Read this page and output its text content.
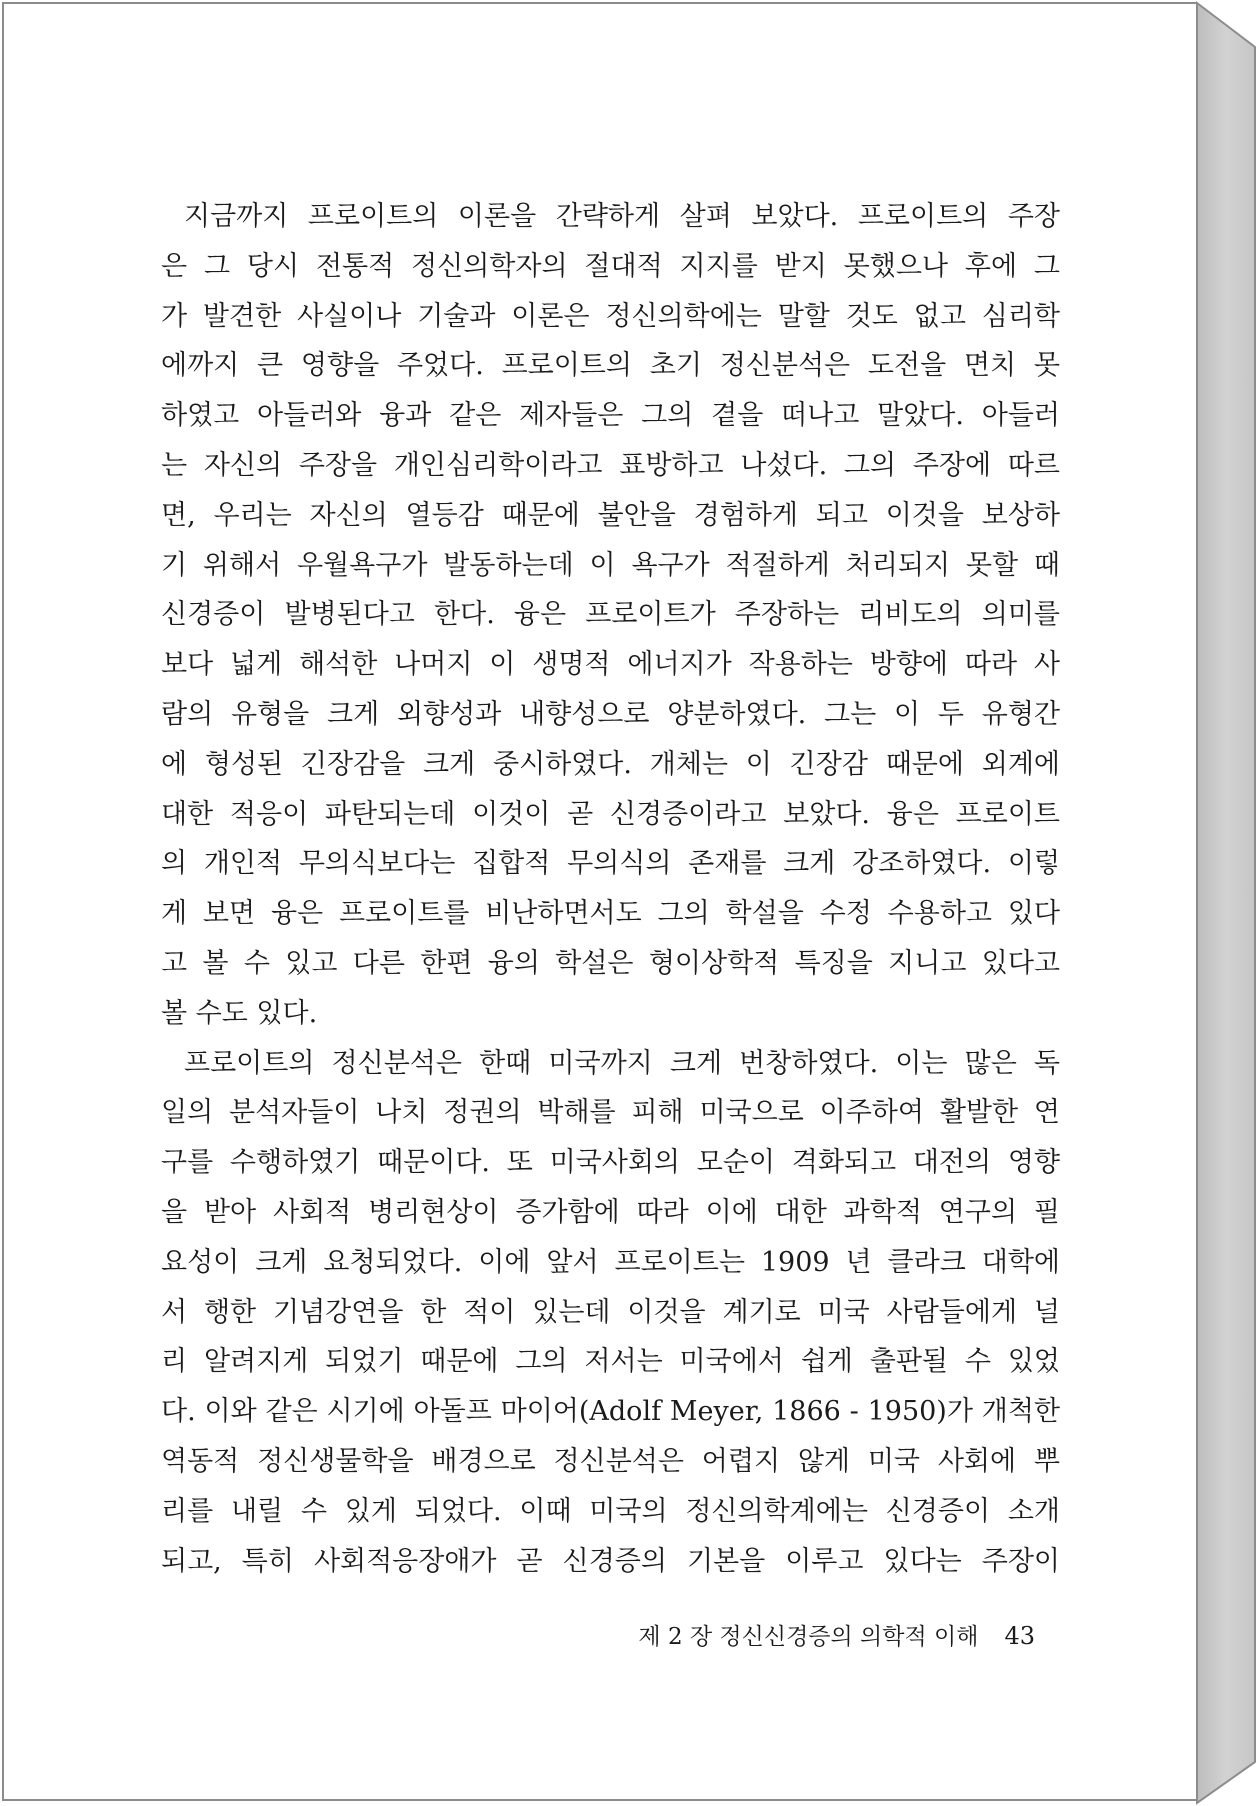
지금까지 프로이트의 이론을 간략하게 살펴 보았다. 프로이트의 주장
은 그 당시 전통적 정신의학자의 절대적 지지를 받지 못했으나 후에 그
가 발견한 사실이나 기술과 이론은 정신의학에는 말할 것도 없고 심리학
에까지 큰 영향을 주었다. 프로이트의 초기 정신분석은 도전을 면치 못
하였고 아들러와 융과 같은 제자들은 그의 곁을 떠나고 말았다. 아들러
는 자신의 주장을 개인심리학이라고 표방하고 나섰다. 그의 주장에 따르
면, 우리는 자신의 열등감 때문에 불안을 경험하게 되고 이것을 보상하
기 위해서 우월욕구가 발동하는데 이 욕구가 적절하게 처리되지 못할 때
신경증이 발병된다고 한다. 융은 프로이트가 주장하는 리비도의 의미를
보다 넓게 해석한 나머지 이 생명적 에너지가 작용하는 방향에 따라 사
람의 유형을 크게 외향성과 내향성으로 양분하였다. 그는 이 두 유형간
에 형성된 긴장감을 크게 중시하였다. 개체는 이 긴장감 때문에 외계에
대한 적응이 파탄되는데 이것이 곧 신경증이라고 보았다. 융은 프로이트
의 개인적 무의식보다는 집합적 무의식의 존재를 크게 강조하였다. 이렇
게 보면 융은 프로이트를 비난하면서도 그의 학설을 수정 수용하고 있다
고 볼 수 있고 다른 한편 융의 학설은 형이상학적 특징을 지니고 있다고
볼 수도 있다.
프로이트의 정신분석은 한때 미국까지 크게 번창하였다. 이는 많은 독
일의 분석자들이 나치 정권의 박해를 피해 미국으로 이주하여 활발한 연
구를 수행하였기 때문이다. 또 미국사회의 모순이 격화되고 대전의 영향
을 받아 사회적 병리현상이 증가함에 따라 이에 대한 과학적 연구의 필
요성이 크게 요청되었다. 이에 앞서 프로이트는 1909 년 클라크 대학에
서 행한 기념강연을 한 적이 있는데 이것을 계기로 미국 사람들에게 널
리 알려지게 되었기 때문에 그의 저서는 미국에서 쉽게 출판될 수 있었
다. 이와 같은 시기에 아돌프 마이어(Adolf Meyer, 1866 - 1950)가 개척한
역동적 정신생물학을 배경으로 정신분석은 어렵지 않게 미국 사회에 뿌
리를 내릴 수 있게 되었다. 이때 미국의 정신의학계에는 신경증이 소개
되고, 특히 사회적응장애가 곧 신경증의 기본을 이루고 있다는 주장이
제 2 장 정신신경증의 의학적 이해 43
